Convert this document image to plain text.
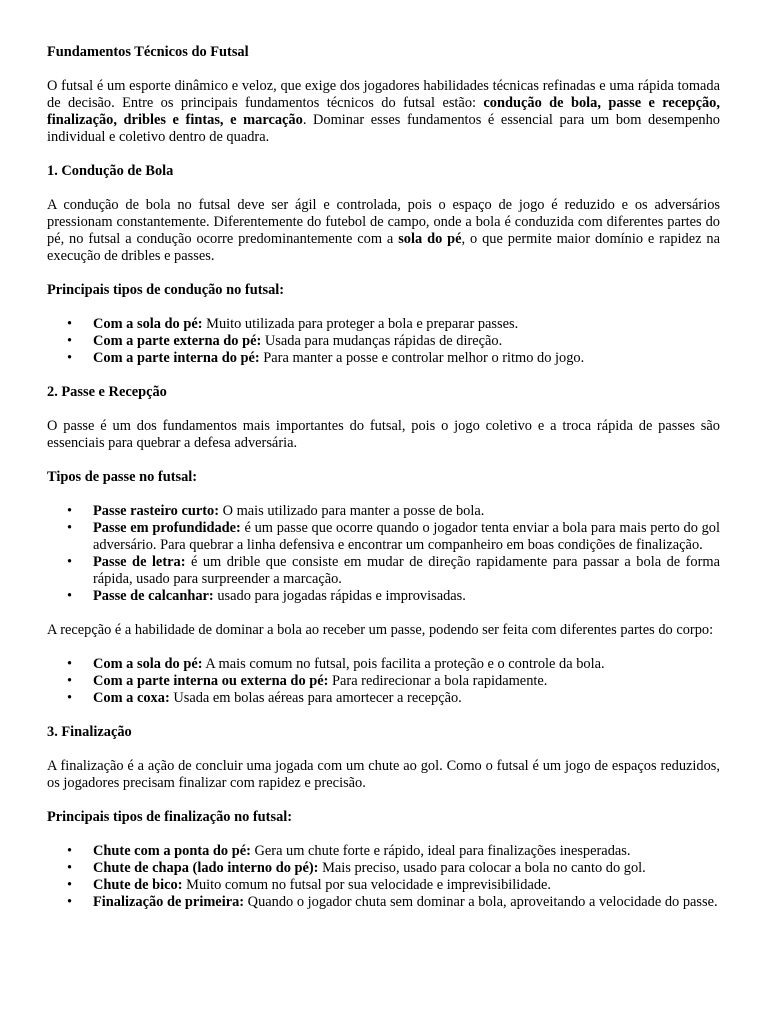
Fundamentos Técnicos do Futsal

O futsal é um esporte dinâmico e veloz, que exige dos jogadores habilidades técnicas refinadas e uma rápida tomada de decisão. Entre os principais fundamentos técnicos do futsal estão: condução de bola, passe e recepção, finalização, dribles e fintas, e marcação. Dominar esses fundamentos é essencial para um bom desempenho individual e coletivo dentro de quadra.

1. Condução de Bola

A condução de bola no futsal deve ser ágil e controlada, pois o espaço de jogo é reduzido e os adversários pressionam constantemente. Diferentemente do futebol de campo, onde a bola é conduzida com diferentes partes do pé, no futsal a condução ocorre predominantemente com a sola do pé, o que permite maior domínio e rapidez na execução de dribles e passes.

Principais tipos de condução no futsal:

• Com a sola do pé: Muito utilizada para proteger a bola e preparar passes.
• Com a parte externa do pé: Usada para mudanças rápidas de direção.
• Com a parte interna do pé: Para manter a posse e controlar melhor o ritmo do jogo.

2. Passe e Recepção

O passe é um dos fundamentos mais importantes do futsal, pois o jogo coletivo e a troca rápida de passes são essenciais para quebrar a defesa adversária.

Tipos de passe no futsal:

• Passe rasteiro curto: O mais utilizado para manter a posse de bola.
• Passe em profundidade: é um passe que ocorre quando o jogador tenta enviar a bola para mais perto do gol adversário. Para quebrar a linha defensiva e encontrar um companheiro em boas condições de finalização.
• Passe de letra: é um drible que consiste em mudar de direção rapidamente para passar a bola de forma rápida, usado para surpreender a marcação.
• Passe de calcanhar: usado para jogadas rápidas e improvisadas.

A recepção é a habilidade de dominar a bola ao receber um passe, podendo ser feita com diferentes partes do corpo:

• Com a sola do pé: A mais comum no futsal, pois facilita a proteção e o controle da bola.
• Com a parte interna ou externa do pé: Para redirecionar a bola rapidamente.
• Com a coxa: Usada em bolas aéreas para amortecer a recepção.

3. Finalização

A finalização é a ação de concluir uma jogada com um chute ao gol. Como o futsal é um jogo de espaços reduzidos, os jogadores precisam finalizar com rapidez e precisão.

Principais tipos de finalização no futsal:

• Chute com a ponta do pé: Gera um chute forte e rápido, ideal para finalizações inesperadas.
• Chute de chapa (lado interno do pé): Mais preciso, usado para colocar a bola no canto do gol.
• Chute de bico: Muito comum no futsal por sua velocidade e imprevisibilidade.
• Finalização de primeira: Quando o jogador chuta sem dominar a bola, aproveitando a velocidade do passe.
